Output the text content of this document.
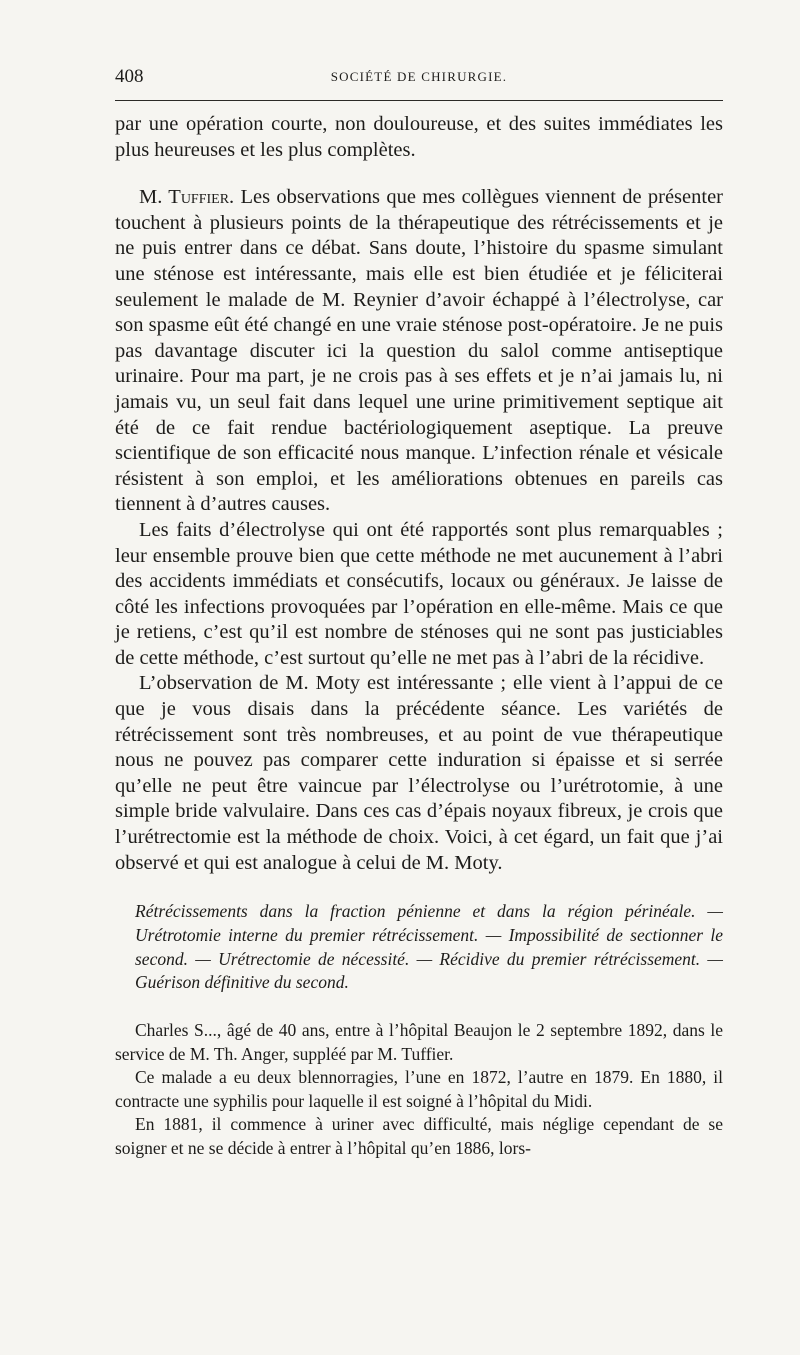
408	SOCIÉTÉ DE CHIRURGIE.

par une opération courte, non douloureuse, et des suites immédiates les plus heureuses et les plus complètes.

M. Tuffier. Les observations que mes collègues viennent de présenter touchent à plusieurs points de la thérapeutique des rétrécissements et je ne puis entrer dans ce débat. Sans doute, l’histoire du spasme simulant une sténose est intéressante, mais elle est bien étudiée et je féliciterai seulement le malade de M. Reynier d’avoir échappé à l’électrolyse, car son spasme eût été changé en une vraie sténose post-opératoire. Je ne puis pas davantage discuter ici la question du salol comme antiseptique urinaire. Pour ma part, je ne crois pas à ses effets et je n’ai jamais lu, ni jamais vu, un seul fait dans lequel une urine primitivement septique ait été de ce fait rendue bactériologiquement aseptique. La preuve scientifique de son efficacité nous manque. L’infection rénale et vésicale résistent à son emploi, et les améliorations obtenues en pareils cas tiennent à d’autres causes.

Les faits d’électrolyse qui ont été rapportés sont plus remarquables ; leur ensemble prouve bien que cette méthode ne met aucunement à l’abri des accidents immédiats et consécutifs, locaux ou généraux. Je laisse de côté les infections provoquées par l’opération en elle-même. Mais ce que je retiens, c’est qu’il est nombre de sténoses qui ne sont pas justiciables de cette méthode, c’est surtout qu’elle ne met pas à l’abri de la récidive.

L’observation de M. Moty est intéressante ; elle vient à l’appui de ce que je vous disais dans la précédente séance. Les variétés de rétrécissement sont très nombreuses, et au point de vue thérapeutique nous ne pouvez pas comparer cette induration si épaisse et si serrée qu’elle ne peut être vaincue par l’électrolyse ou l’urétrotomie, à une simple bride valvulaire. Dans ces cas d’épais noyaux fibreux, je crois que l’urétrectomie est la méthode de choix. Voici, à cet égard, un fait que j’ai observé et qui est analogue à celui de M. Moty.

Rétrécissements dans la fraction pénienne et dans la région périnéale. — Urétrotomie interne du premier rétrécissement. — Impossibilité de sectionner le second. — Urétrectomie de nécessité. — Récidive du premier rétrécissement. — Guérison définitive du second.

Charles S..., âgé de 40 ans, entre à l’hôpital Beaujon le 2 septembre 1892, dans le service de M. Th. Anger, suppléé par M. Tuffier.

Ce malade a eu deux blennorragies, l’une en 1872, l’autre en 1879. En 1880, il contracte une syphilis pour laquelle il est soigné à l’hôpital du Midi.

En 1881, il commence à uriner avec difficulté, mais néglige cependant de se soigner et ne se décide à entrer à l’hôpital qu’en 1886, lors-
